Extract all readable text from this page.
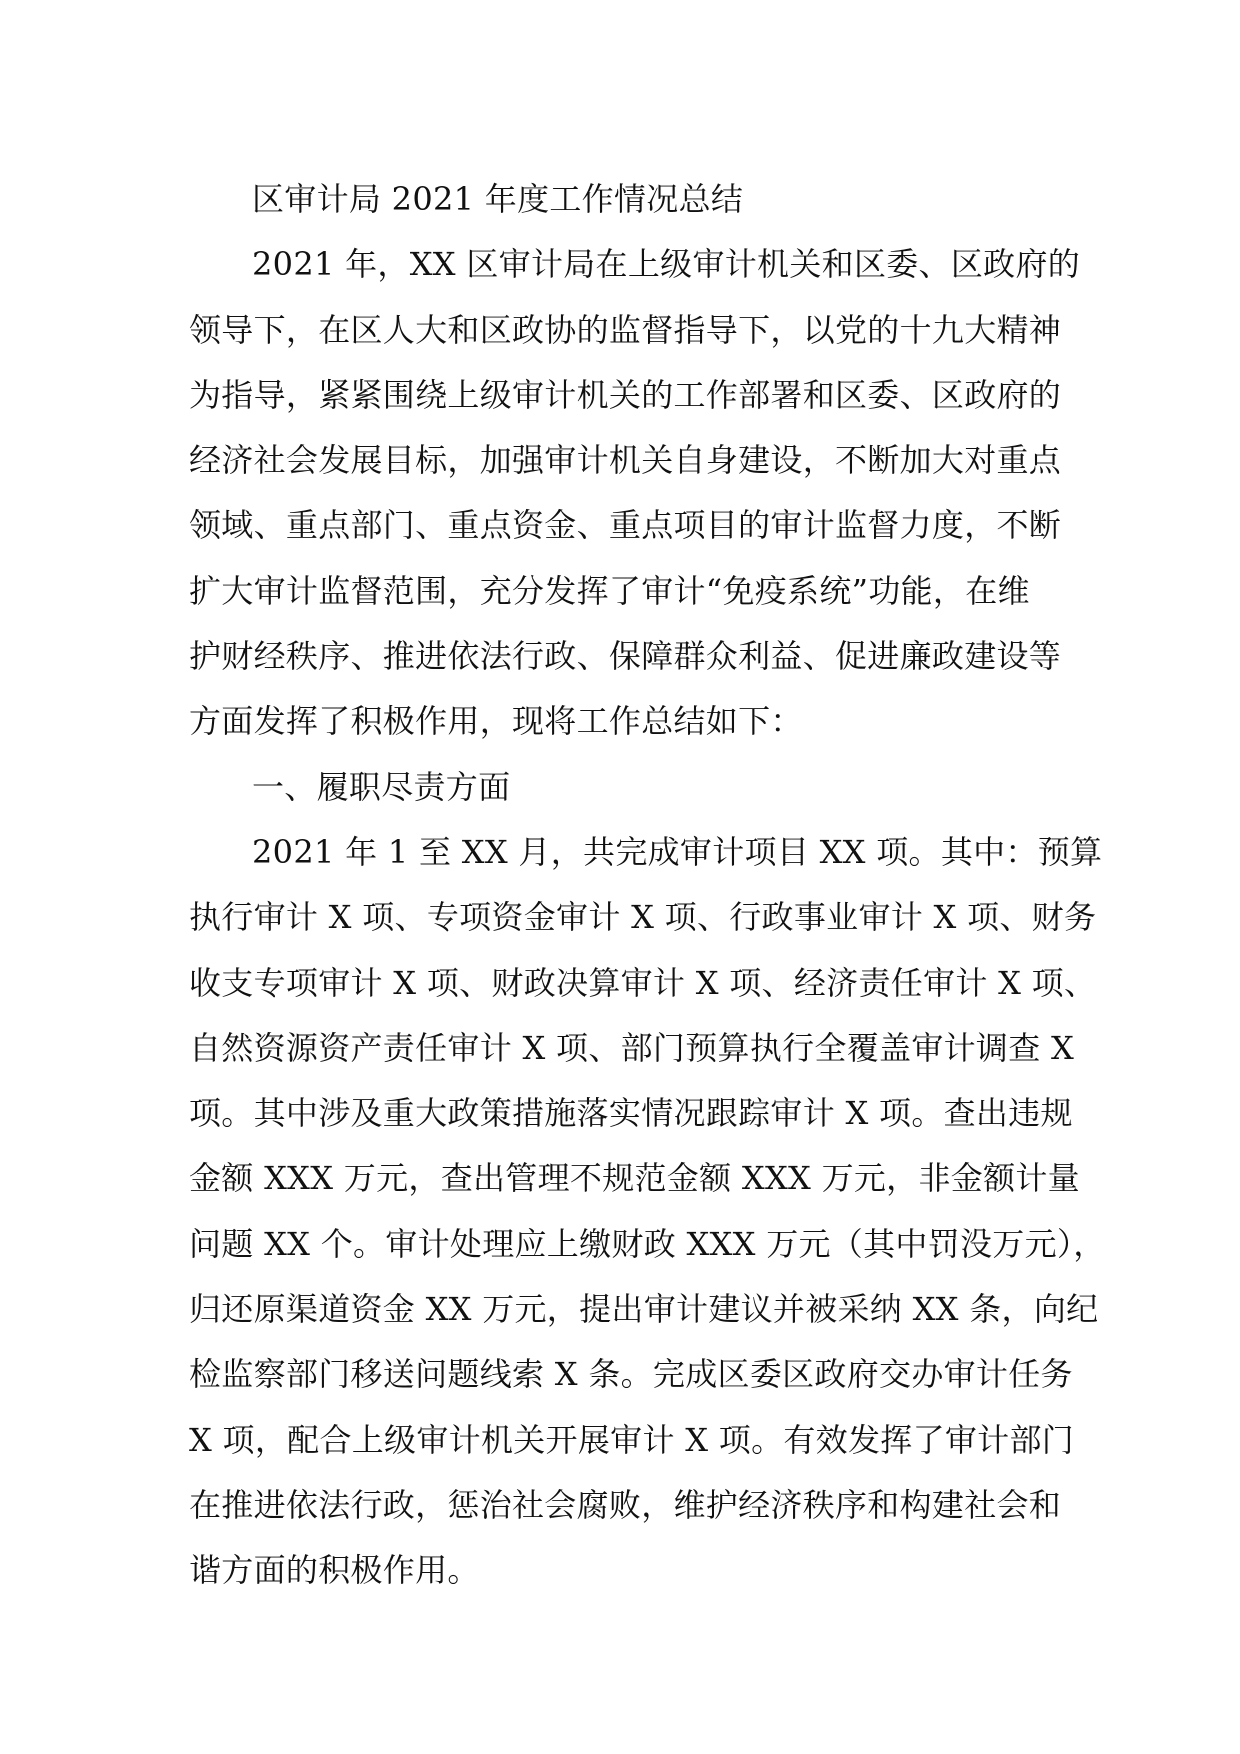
区审计局 2021 年度工作情况总结
2021 年，XX 区审计局在上级审计机关和区委、区政府的
领导下，在区人大和区政协的监督指导下，以党的十九大精神
为指导，紧紧围绕上级审计机关的工作部署和区委、区政府的
经济社会发展目标，加强审计机关自身建设，不断加大对重点
领域、重点部门、重点资金、重点项目的审计监督力度，不断
扩大审计监督范围，充分发挥了审计“免疫系统”功能，在维
护财经秩序、推进依法行政、保障群众利益、促进廉政建设等
方面发挥了积极作用，现将工作总结如下：
一、履职尽责方面
2021 年 1 至 XX 月，共完成审计项目 XX 项。其中：预算
执行审计 X 项、专项资金审计 X 项、行政事业审计 X 项、财务
收支专项审计 X 项、财政决算审计 X 项、经济责任审计 X 项、
自然资源资产责任审计 X 项、部门预算执行全覆盖审计调查 X
项。其中涉及重大政策措施落实情况跟踪审计 X 项。查出违规
金额 XXX 万元，查出管理不规范金额 XXX 万元，非金额计量
问题 XX 个。审计处理应上缴财政 XXX 万元（其中罚没万元），
归还原渠道资金 XX 万元，提出审计建议并被采纳 XX 条，向纪
检监察部门移送问题线索 X 条。完成区委区政府交办审计任务
X 项，配合上级审计机关开展审计 X 项。有效发挥了审计部门
在推进依法行政，惩治社会腐败，维护经济秩序和构建社会和
谐方面的积极作用。
